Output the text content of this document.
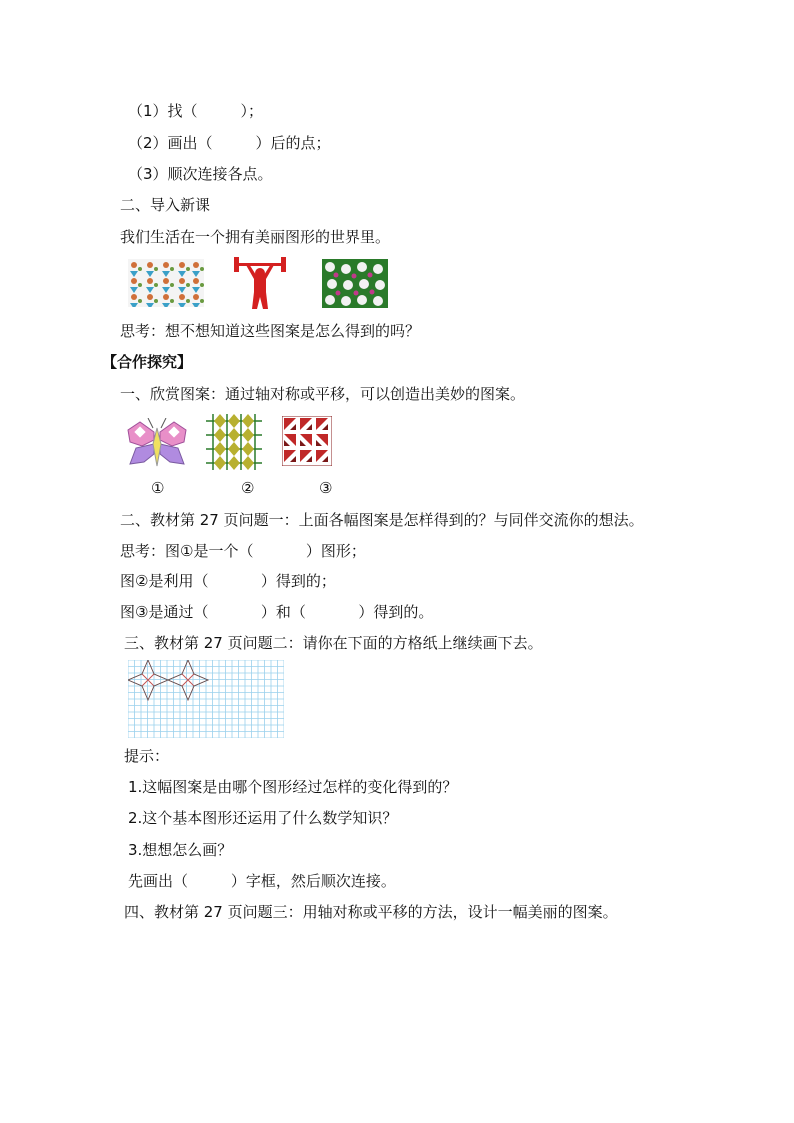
（1）找（         ）；
（2）画出（         ）后的点；
（3）顺次连接各点。
二、导入新课
我们生活在一个拥有美丽图形的世界里。
思考：想不想知道这些图案是怎么得到的吗？
【合作探究】
一、欣赏图案：通过轴对称或平移，可以创造出美妙的图案。
①	②	③
二、教材第 27 页问题一：上面各幅图案是怎样得到的？与同伴交流你的想法。
思考：图①是一个（           ）图形；
图②是利用（           ）得到的；
图③是通过（           ）和（           ）得到的。
三、教材第 27 页问题二：请你在下面的方格纸上继续画下去。
提示：
1.这幅图案是由哪个图形经过怎样的变化得到的？
2.这个基本图形还运用了什么数学知识？
3.想想怎么画？
先画出（         ）字框，然后顺次连接。
四、教材第 27 页问题三：用轴对称或平移的方法，设计一幅美丽的图案。
